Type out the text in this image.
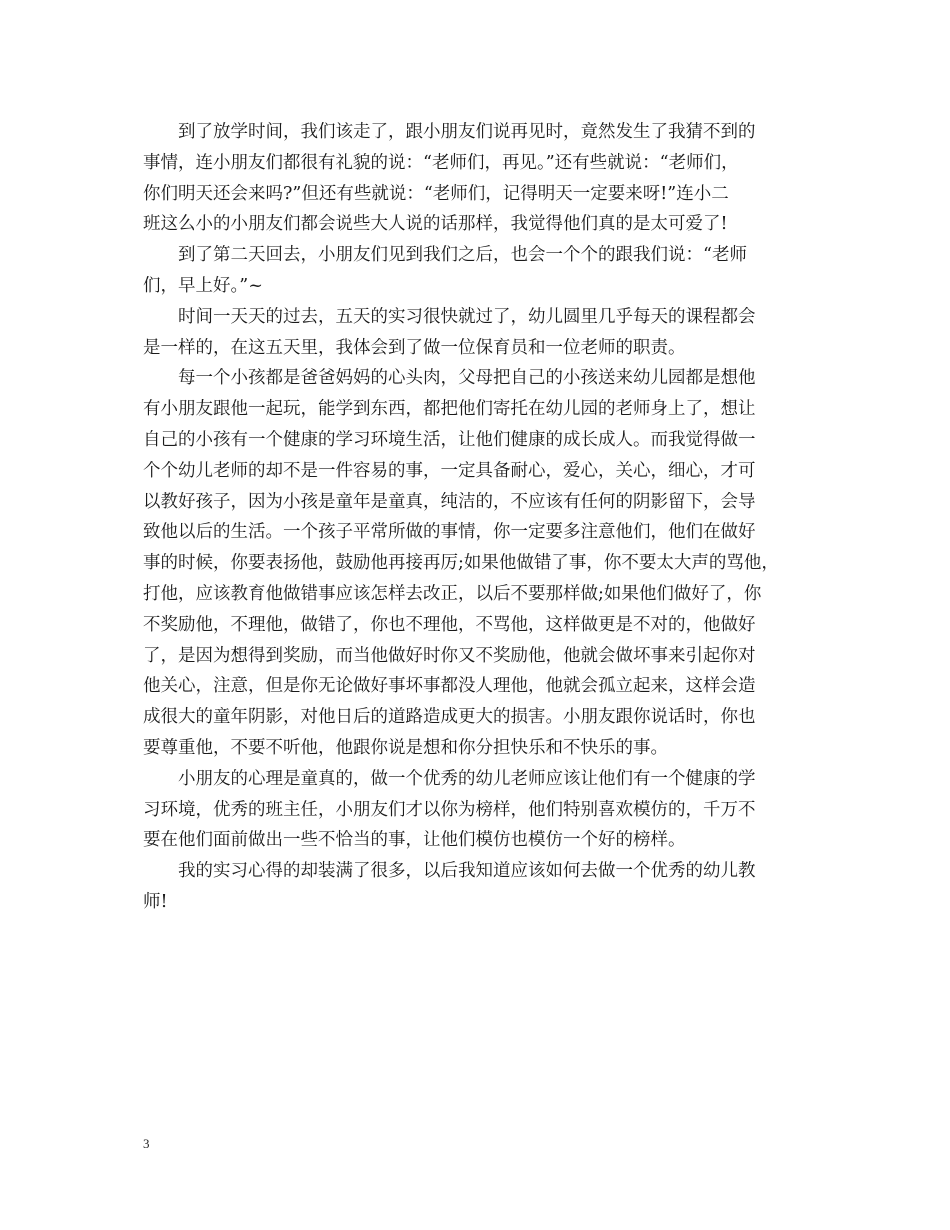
到了放学时间，我们该走了，跟小朋友们说再见时，竟然发生了我猜不到的
事情，连小朋友们都很有礼貌的说：“老师们，再见。”还有些就说：“老师们，
你们明天还会来吗?”但还有些就说：“老师们，记得明天一定要来呀!”连小二
班这么小的小朋友们都会说些大人说的话那样，我觉得他们真的是太可爱了!
到了第二天回去，小朋友们见到我们之后，也会一个个的跟我们说：“老师
们，早上好。”~
时间一天天的过去，五天的实习很快就过了，幼儿圆里几乎每天的课程都会
是一样的，在这五天里，我体会到了做一位保育员和一位老师的职责。
每一个小孩都是爸爸妈妈的心头肉，父母把自己的小孩送来幼儿园都是想他
有小朋友跟他一起玩，能学到东西，都把他们寄托在幼儿园的老师身上了，想让
自己的小孩有一个健康的学习环境生活，让他们健康的成长成人。而我觉得做一
个个幼儿老师的却不是一件容易的事，一定具备耐心，爱心，关心，细心，才可
以教好孩子，因为小孩是童年是童真，纯洁的，不应该有任何的阴影留下，会导
致他以后的生活。一个孩子平常所做的事情，你一定要多注意他们，他们在做好
事的时候，你要表扬他，鼓励他再接再厉;如果他做错了事，你不要太大声的骂他，
打他，应该教育他做错事应该怎样去改正，以后不要那样做;如果他们做好了，你
不奖励他，不理他，做错了，你也不理他，不骂他，这样做更是不对的，他做好
了，是因为想得到奖励，而当他做好时你又不奖励他，他就会做坏事来引起你对
他关心，注意，但是你无论做好事坏事都没人理他，他就会孤立起来，这样会造
成很大的童年阴影，对他日后的道路造成更大的损害。小朋友跟你说话时，你也
要尊重他，不要不听他，他跟你说是想和你分担快乐和不快乐的事。
小朋友的心理是童真的，做一个优秀的幼儿老师应该让他们有一个健康的学
习环境，优秀的班主任，小朋友们才以你为榜样，他们特别喜欢模仿的，千万不
要在他们面前做出一些不恰当的事，让他们模仿也模仿一个好的榜样。
我的实习心得的却装满了很多，以后我知道应该如何去做一个优秀的幼儿教
师!
3
